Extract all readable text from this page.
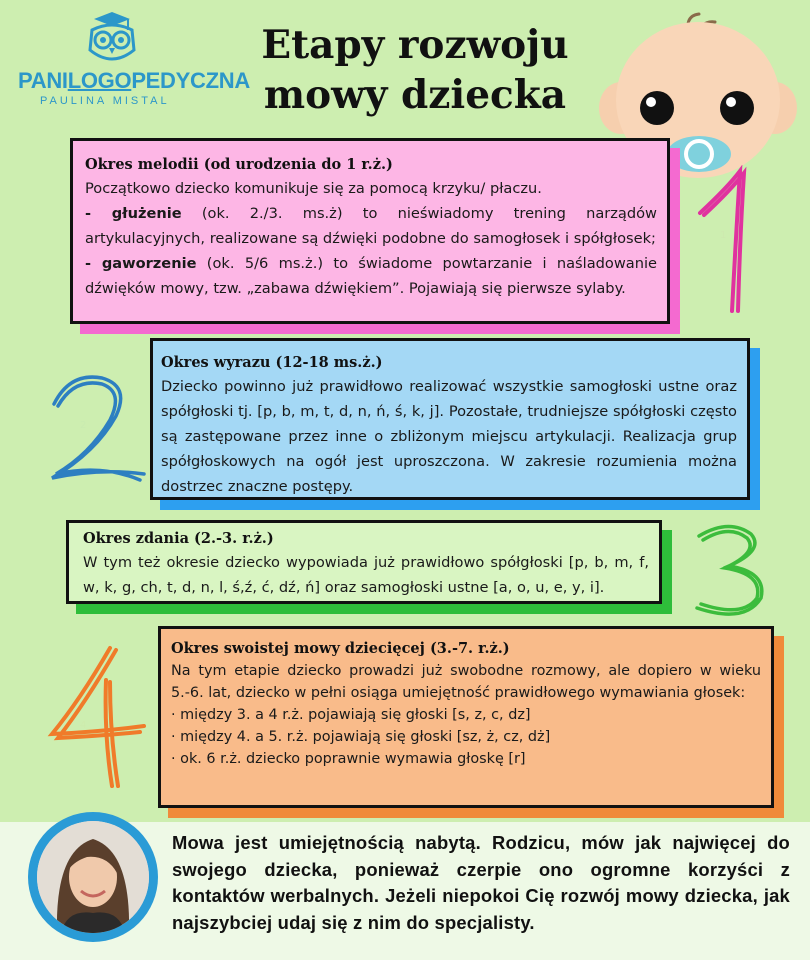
PANILOGOPEDYCZNA
PAULINA MISTAL
Etapy rozwoju
mowy dziecka
Okres melodii (od urodzenia do 1 r.ż.)

Początkowo dziecko komunikuje się za pomocą krzyku/ płaczu.

- głużenie (ok. 2./3. ms.ż) to nieświadomy trening narządów artykulacyjnych, realizowane są dźwięki podobne do samogłosek i spółgłosek;

- gaworzenie (ok. 5/6 ms.ż.) to świadome powtarzanie i naśladowanie dźwięków mowy, tzw. „zabawa dźwiękiem”. Pojawiają się pierwsze sylaby.

Okres wyrazu (12-18 ms.ż.)

Dziecko powinno już prawidłowo realizować wszystkie samogłoski ustne oraz spółgłoski tj. [p, b, m, t, d, n, ń, ś, k, j]. Pozostałe, trudniejsze spółgłoski często są zastępowane przez inne o zbliżonym miejscu artykulacji. Realizacja grup spółgłoskowych na ogół jest uproszczona. W zakresie rozumienia można dostrzec znaczne postępy.

Okres zdania (2.-3. r.ż.)

W tym też okresie dziecko wypowiada już prawidłowo spółgłoski [p, b, m, f, w, k, g, ch, t, d, n, l, ś,ź, ć, dź, ń] oraz samogłoski ustne [a, o, u, e, y, i].

Okres swoistej mowy dziecięcej (3.-7. r.ż.)

Na tym etapie dziecko prowadzi już swobodne rozmowy, ale dopiero w wieku 5.-6. lat, dziecko w pełni osiąga umiejętność prawidłowego wymawiania głosek:

· między 3. a 4 r.ż. pojawiają się głoski [s, z, c, dz]
· między 4. a 5. r.ż. pojawiają się głoski [sz, ż, cz, dż]
· ok. 6 r.ż. dziecko poprawnie wymawia głoskę [r]
Mowa jest umiejętnością nabytą. Rodzicu, mów jak najwięcej do swojego dziecka, ponieważ czerpie ono ogromne korzyści z kontaktów werbalnych. Jeżeli niepokoi Cię rozwój mowy dziecka, jak najszybciej udaj się z nim do specjalisty.
